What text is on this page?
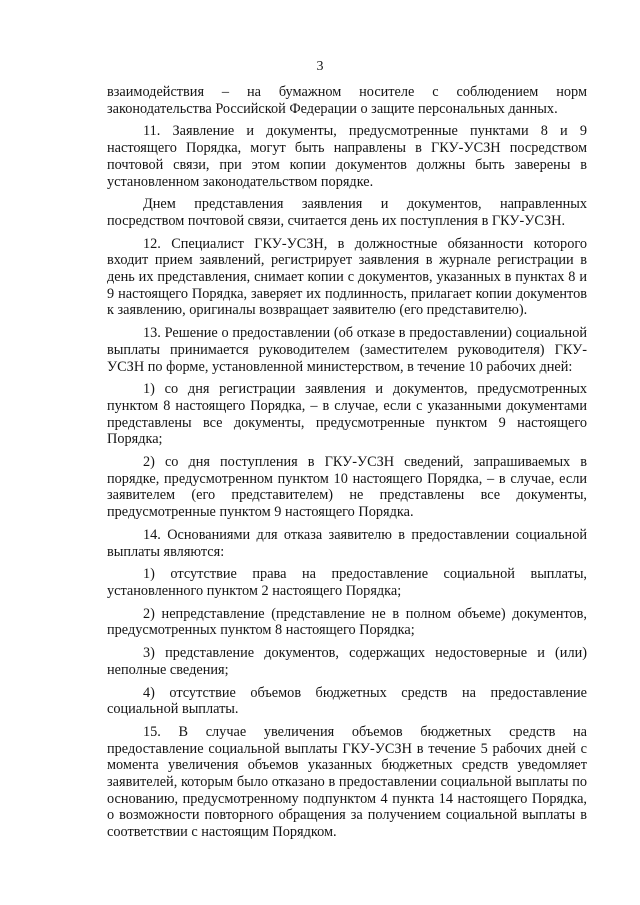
3

взаимодействия – на бумажном носителе с соблюдением норм законодательства Российской Федерации о защите персональных данных.

11. Заявление и документы, предусмотренные пунктами 8 и 9 настоящего Порядка, могут быть направлены в ГКУ-УСЗН посредством почтовой связи, при этом копии документов должны быть заверены в установленном законодательством порядке.

Днем представления заявления и документов, направленных посредством почтовой связи, считается день их поступления в ГКУ-УСЗН.

12. Специалист ГКУ-УСЗН, в должностные обязанности которого входит прием заявлений, регистрирует заявления в журнале регистрации в день их представления, снимает копии с документов, указанных в пунктах 8 и 9 настоящего Порядка, заверяет их подлинность, прилагает копии документов к заявлению, оригиналы возвращает заявителю (его представителю).

13. Решение о предоставлении (об отказе в предоставлении) социальной выплаты принимается руководителем (заместителем руководителя) ГКУ-УСЗН по форме, установленной министерством, в течение 10 рабочих дней:

1) со дня регистрации заявления и документов, предусмотренных пунктом 8 настоящего Порядка, – в случае, если с указанными документами представлены все документы, предусмотренные пунктом 9 настоящего Порядка;

2) со дня поступления в ГКУ-УСЗН сведений, запрашиваемых в порядке, предусмотренном пунктом 10 настоящего Порядка, – в случае, если заявителем (его представителем) не представлены все документы, предусмотренные пунктом 9 настоящего Порядка.

14. Основаниями для отказа заявителю в предоставлении социальной выплаты являются:

1) отсутствие права на предоставление социальной выплаты, установленного пунктом 2 настоящего Порядка;

2) непредставление (представление не в полном объеме) документов, предусмотренных пунктом 8 настоящего Порядка;

3) представление документов, содержащих недостоверные и (или) неполные сведения;

4) отсутствие объемов бюджетных средств на предоставление социальной выплаты.

15. В случае увеличения объемов бюджетных средств на предоставление социальной выплаты ГКУ-УСЗН в течение 5 рабочих дней с момента увеличения объемов указанных бюджетных средств уведомляет заявителей, которым было отказано в предоставлении социальной выплаты по основанию, предусмотренному подпунктом 4 пункта 14 настоящего Порядка, о возможности повторного обращения за получением социальной выплаты в соответствии с настоящим Порядком.
